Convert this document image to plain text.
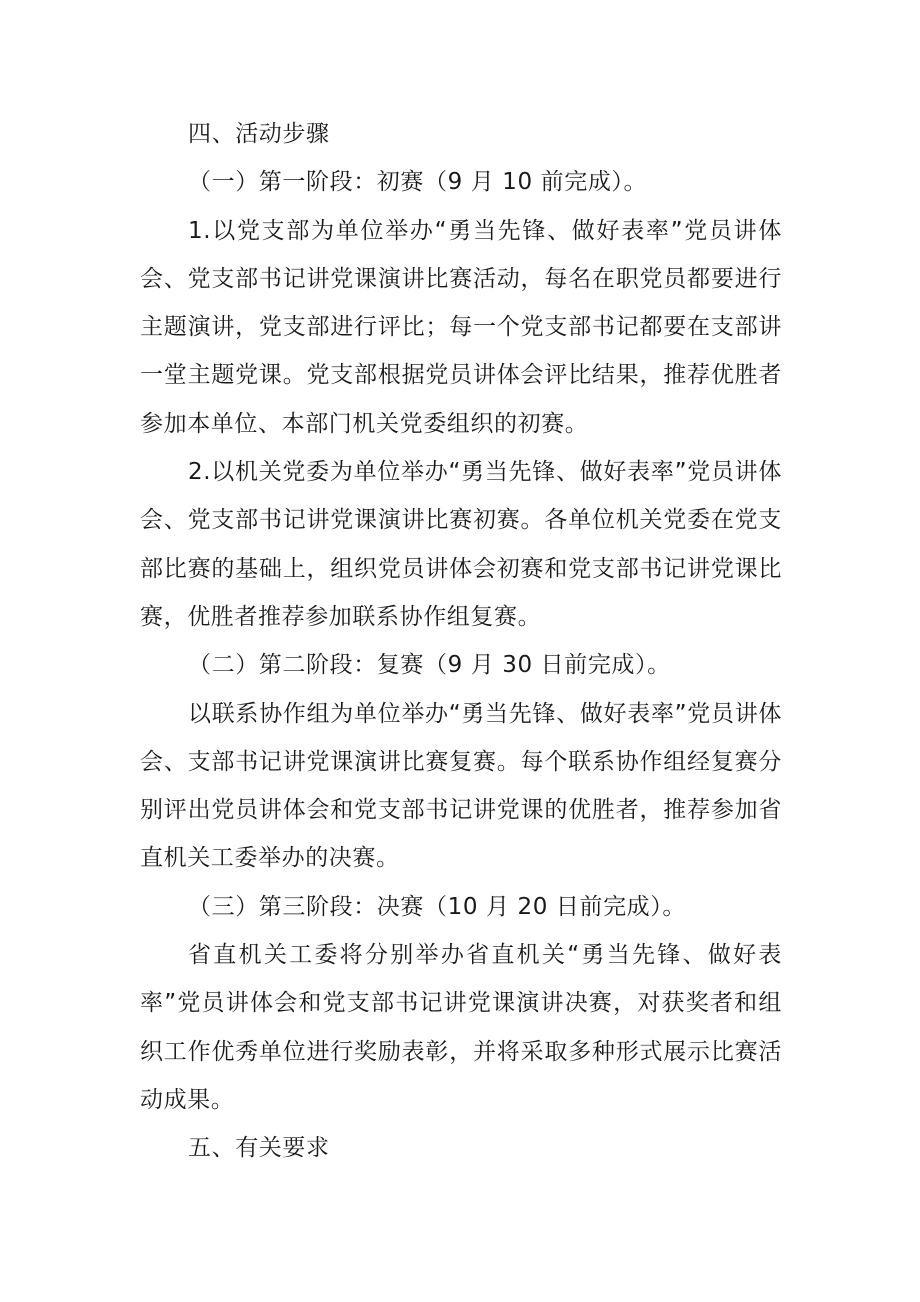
四、活动步骤

（一）第一阶段：初赛（9 月 10 前完成）。

1.以党支部为单位举办“勇当先锋、做好表率”党员讲体会、党支部书记讲党课演讲比赛活动，每名在职党员都要进行主题演讲，党支部进行评比；每一个党支部书记都要在支部讲一堂主题党课。党支部根据党员讲体会评比结果，推荐优胜者参加本单位、本部门机关党委组织的初赛。

2.以机关党委为单位举办“勇当先锋、做好表率”党员讲体会、党支部书记讲党课演讲比赛初赛。各单位机关党委在党支部比赛的基础上，组织党员讲体会初赛和党支部书记讲党课比赛，优胜者推荐参加联系协作组复赛。

（二）第二阶段：复赛（9 月 30 日前完成）。

以联系协作组为单位举办“勇当先锋、做好表率”党员讲体会、支部书记讲党课演讲比赛复赛。每个联系协作组经复赛分别评出党员讲体会和党支部书记讲党课的优胜者，推荐参加省直机关工委举办的决赛。

（三）第三阶段：决赛（10 月 20 日前完成）。

省直机关工委将分别举办省直机关“勇当先锋、做好表率”党员讲体会和党支部书记讲党课演讲决赛，对获奖者和组织工作优秀单位进行奖励表彰，并将采取多种形式展示比赛活动成果。

五、有关要求
